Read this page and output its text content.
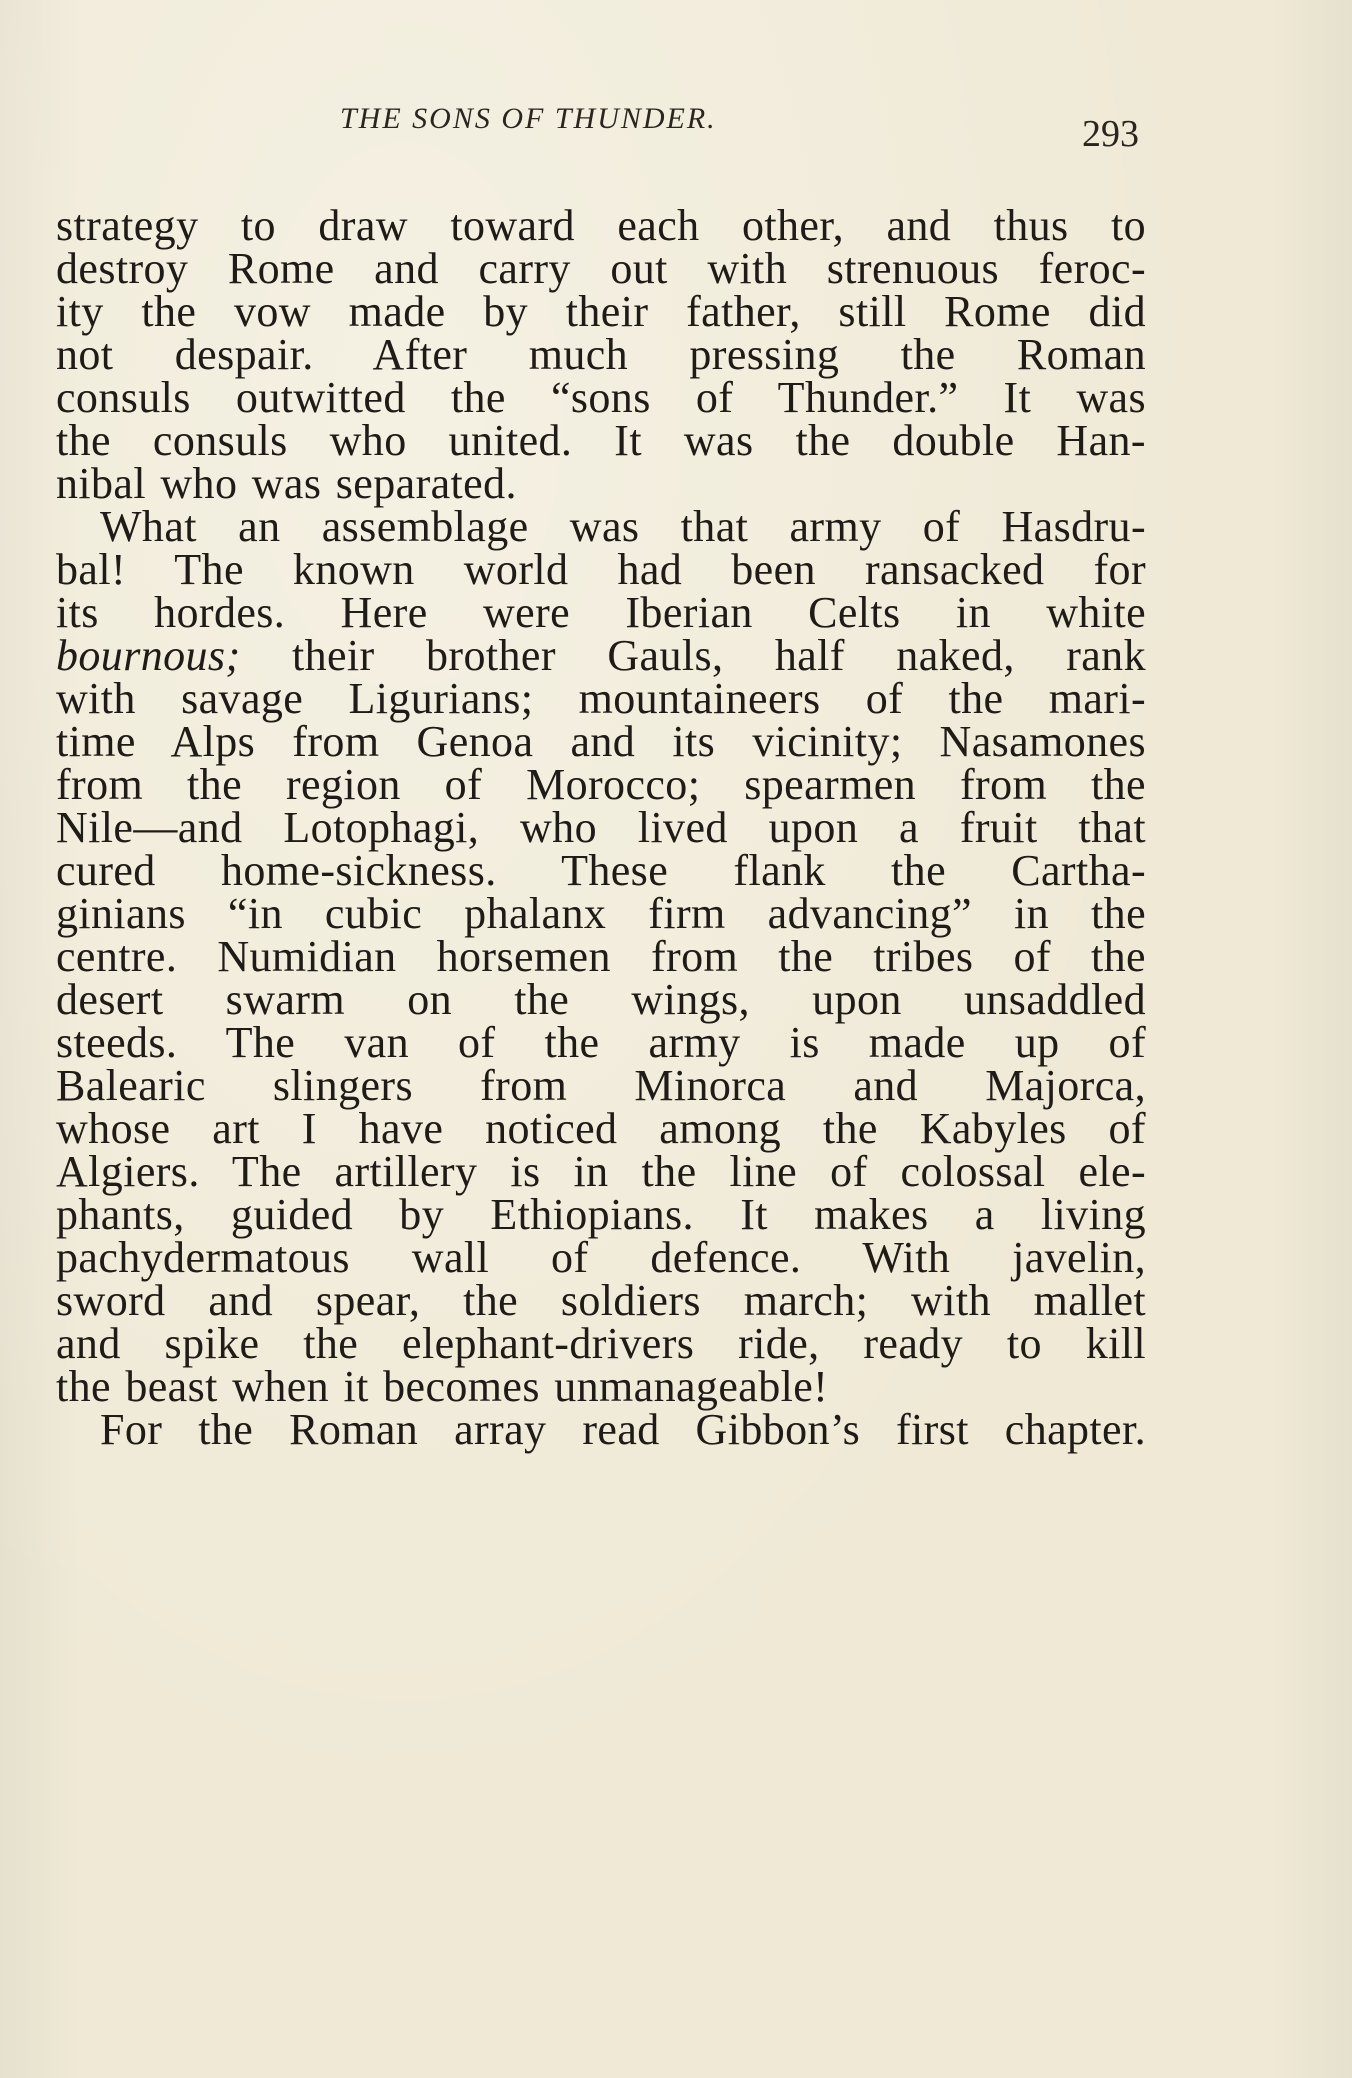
THE SONS OF THUNDER.	293
strategy to draw toward each other, and thus to
destroy Rome and carry out with strenuous feroc-
ity the vow made by their father, still Rome did
not despair. After much pressing the Roman
consuls outwitted the “sons of Thunder.” It was
the consuls who united. It was the double Han-
nibal who was separated.
What an assemblage was that army of Hasdru-
bal! The known world had been ransacked for
its hordes. Here were Iberian Celts in white
bournous; their brother Gauls, half naked, rank
with savage Ligurians; mountaineers of the mari-
time Alps from Genoa and its vicinity; Nasamones
from the region of Morocco; spearmen from the
Nile—and Lotophagi, who lived upon a fruit that
cured home-sickness. These flank the Cartha-
ginians “in cubic phalanx firm advancing” in the
centre. Numidian horsemen from the tribes of the
desert swarm on the wings, upon unsaddled
steeds. The van of the army is made up of
Balearic slingers from Minorca and Majorca,
whose art I have noticed among the Kabyles of
Algiers. The artillery is in the line of colossal ele-
phants, guided by Ethiopians. It makes a living
pachydermatous wall of defence. With javelin,
sword and spear, the soldiers march; with mallet
and spike the elephant-drivers ride, ready to kill
the beast when it becomes unmanageable!
For the Roman array read Gibbon’s first chapter.
